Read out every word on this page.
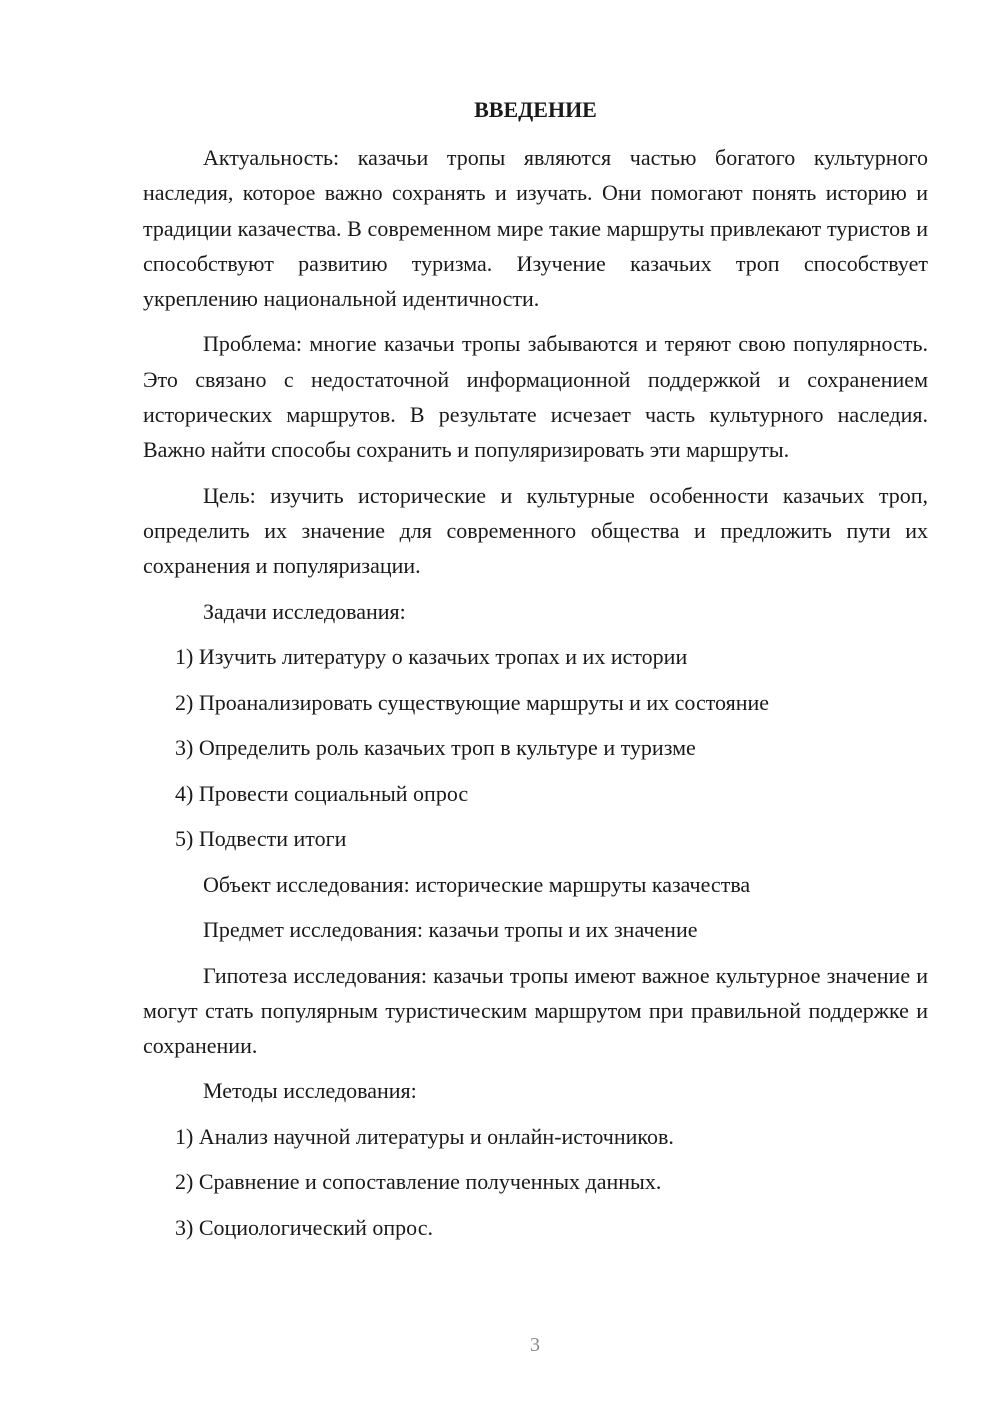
ВВЕДЕНИЕ
Актуальность: казачьи тропы являются частью богатого культурного наследия, которое важно сохранять и изучать. Они помогают понять историю и традиции казачества. В современном мире такие маршруты привлекают туристов и способствуют развитию туризма. Изучение казачьих троп способствует укреплению национальной идентичности.
Проблема: многие казачьи тропы забываются и теряют свою популярность. Это связано с недостаточной информационной поддержкой и сохранением исторических маршрутов. В результате исчезает часть культурного наследия. Важно найти способы сохранить и популяризировать эти маршруты.
Цель: изучить исторические и культурные особенности казачьих троп, определить их значение для современного общества и предложить пути их сохранения и популяризации.
Задачи исследования:
1) Изучить литературу о казачьих тропах и их истории
2) Проанализировать существующие маршруты и их состояние
3) Определить роль казачьих троп в культуре и туризме
4) Провести социальный опрос
5) Подвести итоги
Объект исследования: исторические маршруты казачества
Предмет исследования: казачьи тропы и их значение
Гипотеза исследования: казачьи тропы имеют важное культурное значение и могут стать популярным туристическим маршрутом при правильной поддержке и сохранении.
Методы исследования:
1) Анализ научной литературы и онлайн-источников.
2) Сравнение и сопоставление полученных данных.
3) Социологический опрос.
3
